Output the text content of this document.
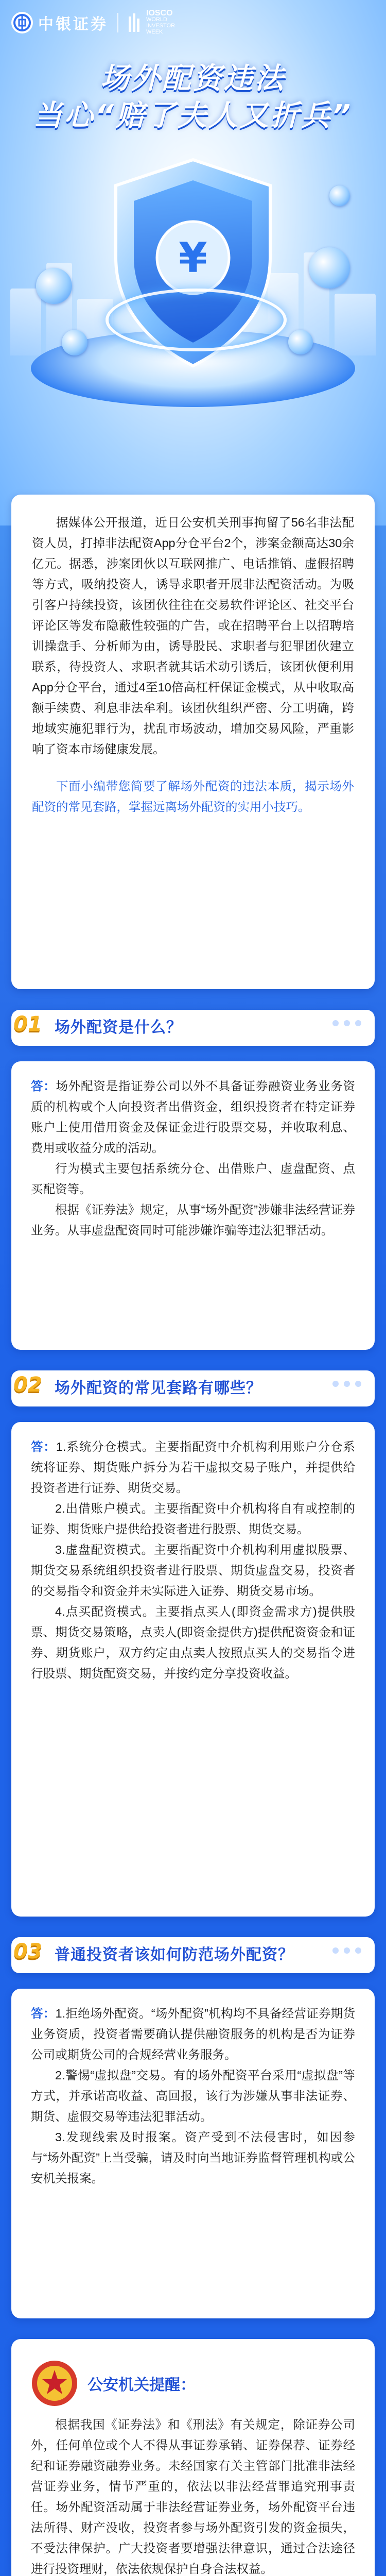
中银证券
IOSCO
WORLD
INVESTOR
WEEK
场外配资违法
当心“赔了夫人又折兵”
¥

据媒体公开报道，近日公安机关刑事拘留了56名非法配资人员，打掉非法配资App分仓平台2个，涉案金额高达30余亿元。据悉，涉案团伙以互联网推广、电话推销、虚假招聘等方式，吸纳投资人，诱导求职者开展非法配资活动。为吸引客户持续投资，该团伙往往在交易软件评论区、社交平台评论区等发布隐蔽性较强的广告，或在招聘平台上以招聘培训操盘手、分析师为由，诱导股民、求职者与犯罪团伙建立联系，待投资人、求职者就其话术动引诱后，该团伙便利用App分仓平台，通过4至10倍高杠杆保证金模式，从中收取高额手续费、利息非法牟利。该团伙组织严密、分工明确，跨地域实施犯罪行为，扰乱市场波动，增加交易风险，严重影响了资本市场健康发展。

下面小编带您简要了解场外配资的违法本质，揭示场外配资的常见套路，掌握远离场外配资的实用小技巧。

01 场外配资是什么？

答：场外配资是指证券公司以外不具备证券融资业务业务资质的机构或个人向投资者出借资金，组织投资者在特定证券账户上使用借用资金及保证金进行股票交易，并收取利息、费用或收益分成的活动。

行为模式主要包括系统分仓、出借账户、虚盘配资、点买配资等。

根据《证券法》规定，从事“场外配资”涉嫌非法经营证券业务。从事虚盘配资同时可能涉嫌诈骗等违法犯罪活动。

02 场外配资的常见套路有哪些？

答：1.系统分仓模式。主要指配资中介机构利用账户分仓系统将证券、期货账户拆分为若干虚拟交易子账户，并提供给投资者进行证券、期货交易。

2.出借账户模式。主要指配资中介机构将自有或控制的证券、期货账户提供给投资者进行股票、期货交易。

3.虚盘配资模式。主要指配资中介机构利用虚拟股票、期货交易系统组织投资者进行股票、期货虚盘交易，投资者的交易指令和资金并未实际进入证券、期货交易市场。

4.点买配资模式。主要指点买人(即资金需求方)提供股票、期货交易策略，点卖人(即资金提供方)提供配资资金和证券、期货账户，双方约定由点卖人按照点买人的交易指令进行股票、期货配资交易，并按约定分享投资收益。

03 普通投资者该如何防范场外配资？

答：1.拒绝场外配资。“场外配资”机构均不具备经营证券期货业务资质，投资者需要确认提供融资服务的机构是否为证券公司或期货公司的合规经营业务服务。

2.警惕“虚拟盘”交易。有的场外配资平台采用“虚拟盘”等方式，并承诺高收益、高回报，该行为涉嫌从事非法证券、期货、虚假交易等违法犯罪活动。

3.发现线索及时报案。资产受到不法侵害时，如因参与“场外配资”上当受骗，请及时向当地证券监督管理机构或公安机关报案。

公安机关提醒：

根据我国《证券法》和《刑法》有关规定，除证券公司外，任何单位或个人不得从事证券承销、证券保荐、证券经纪和证券融资融券业务。未经国家有关主管部门批准非法经营证券业务，情节严重的，依法以非法经营罪追究刑事责任。场外配资活动属于非法经营证券业务，场外配资平台违法所得、财产没收，投资者参与场外配资引发的资金损失，不受法律保护。广大投资者要增强法律意识，通过合法途径进行投资理财，依法依规保护自身合法权益。
